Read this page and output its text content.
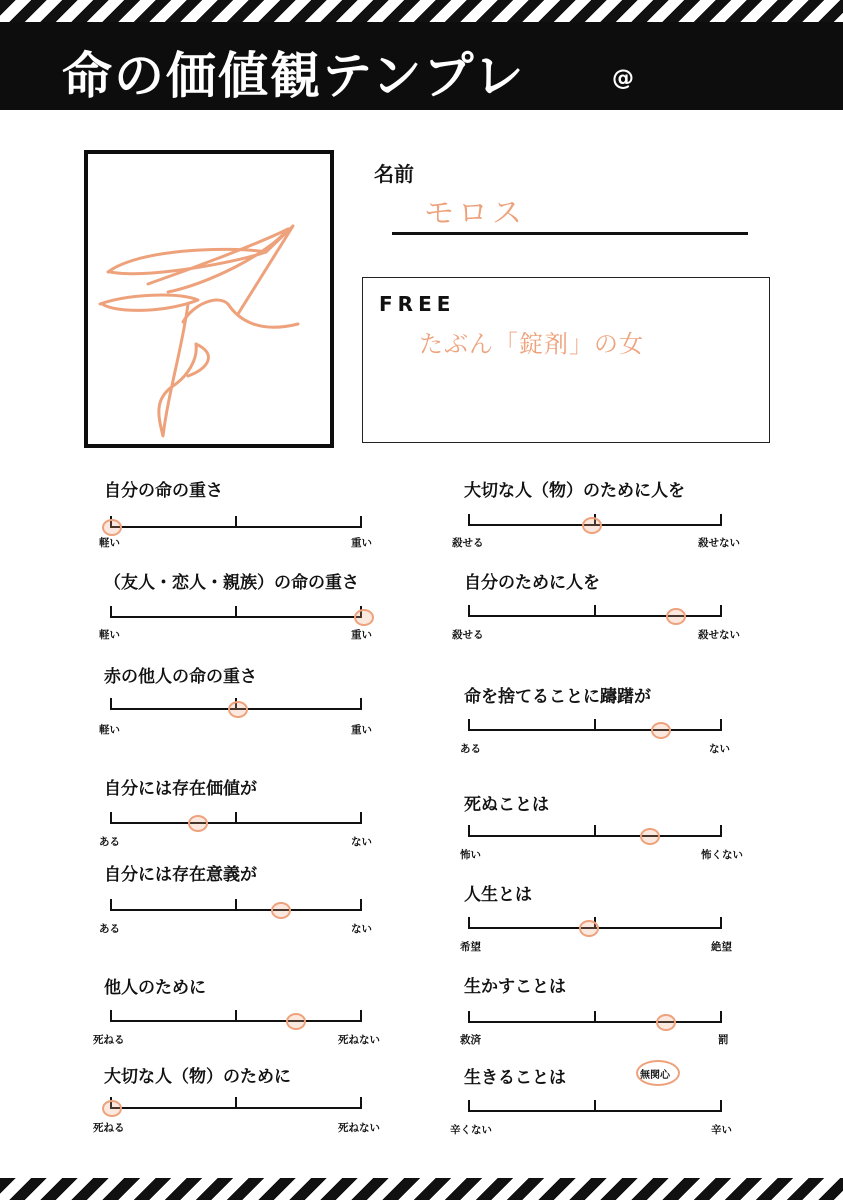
命の価値観テンプレ	@
名前
モロス
FREE
たぶん「錠剤」の女
自分の命の重さ
軽い	重い
（友人・恋人・親族）の命の重さ
軽い	重い
赤の他人の命の重さ
軽い	重い
自分には存在価値が
ある	ない
自分には存在意義が
ある	ない
他人のために
死ねる	死ねない
大切な人（物）のために
死ねる	死ねない
大切な人（物）のために人を
殺せる	殺せない
自分のために人を
殺せる	殺せない
命を捨てることに躊躇が
ある	ない
死ぬことは
怖い	怖くない
人生とは
希望	絶望
生かすことは
救済	罰
生きることは	無関心
辛くない	辛い
